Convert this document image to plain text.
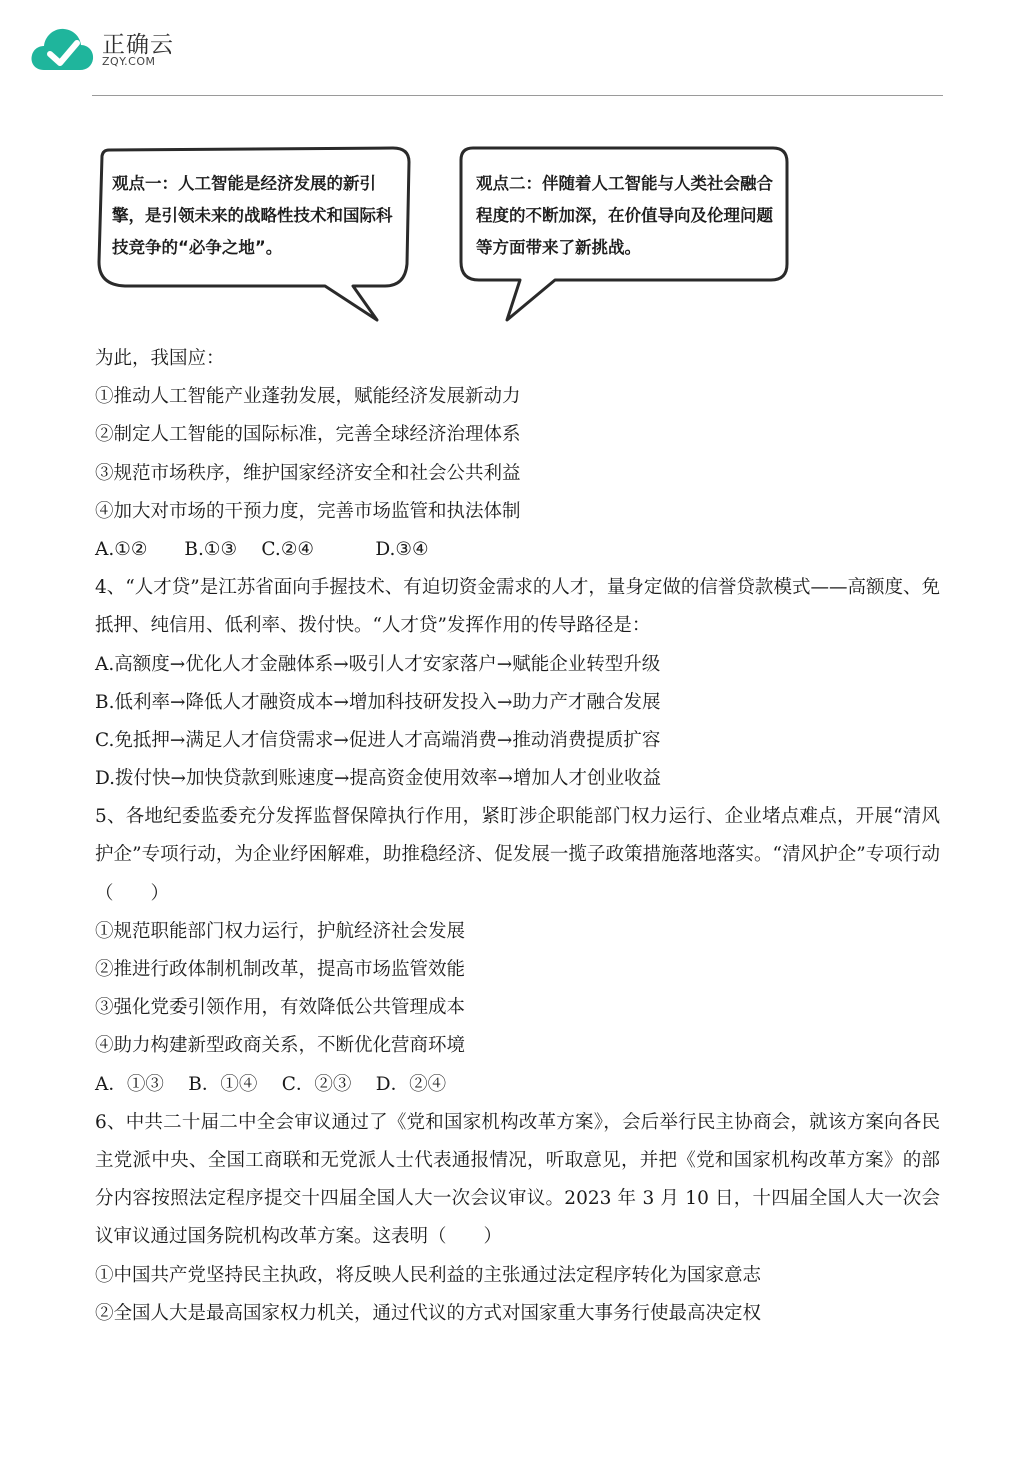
正确云
ZQY.COM
观点一：人工智能是经济发展的新引擎，是引领未来的战略性技术和国际科技竞争的“必争之地”。
观点二：伴随着人工智能与人类社会融合程度的不断加深，在价值导向及伦理问题等方面带来了新挑战。
为此，我国应：
①推动人工智能产业蓬勃发展，赋能经济发展新动力
②制定人工智能的国际标准，完善全球经济治理体系
③规范市场秩序，维护国家经济安全和社会公共利益
④加大对市场的干预力度，完善市场监管和执法体制
A.①②　　B.①③　 C.②④　　　 D.③④
4、“人才贷”是江苏省面向手握技术、有迫切资金需求的人才，量身定做的信誉贷款模式——高额度、免抵押、纯信用、低利率、拨付快。“人才贷”发挥作用的传导路径是：
A.高额度→优化人才金融体系→吸引人才安家落户→赋能企业转型升级
B.低利率→降低人才融资成本→增加科技研发投入→助力产才融合发展
C.免抵押→满足人才信贷需求→促进人才高端消费→推动消费提质扩容
D.拨付快→加快贷款到账速度→提高资金使用效率→增加人才创业收益
5、各地纪委监委充分发挥监督保障执行作用，紧盯涉企职能部门权力运行、企业堵点难点，开展“清风护企”专项行动，为企业纾困解难，助推稳经济、促发展一揽子政策措施落地落实。“清风护企”专项行动（　　）
①规范职能部门权力运行，护航经济社会发展
②推进行政体制机制改革，提高市场监管效能
③强化党委引领作用，有效降低公共管理成本
④助力构建新型政商关系，不断优化营商环境
A．①③　 B．①④　 C．②③　 D．②④
6、中共二十届二中全会审议通过了《党和国家机构改革方案》，会后举行民主协商会，就该方案向各民主党派中央、全国工商联和无党派人士代表通报情况，听取意见，并把《党和国家机构改革方案》的部分内容按照法定程序提交十四届全国人大一次会议审议。2023 年 3 月 10 日，十四届全国人大一次会议审议通过国务院机构改革方案。这表明（　　）
①中国共产党坚持民主执政，将反映人民利益的主张通过法定程序转化为国家意志
②全国人大是最高国家权力机关，通过代议的方式对国家重大事务行使最高决定权
